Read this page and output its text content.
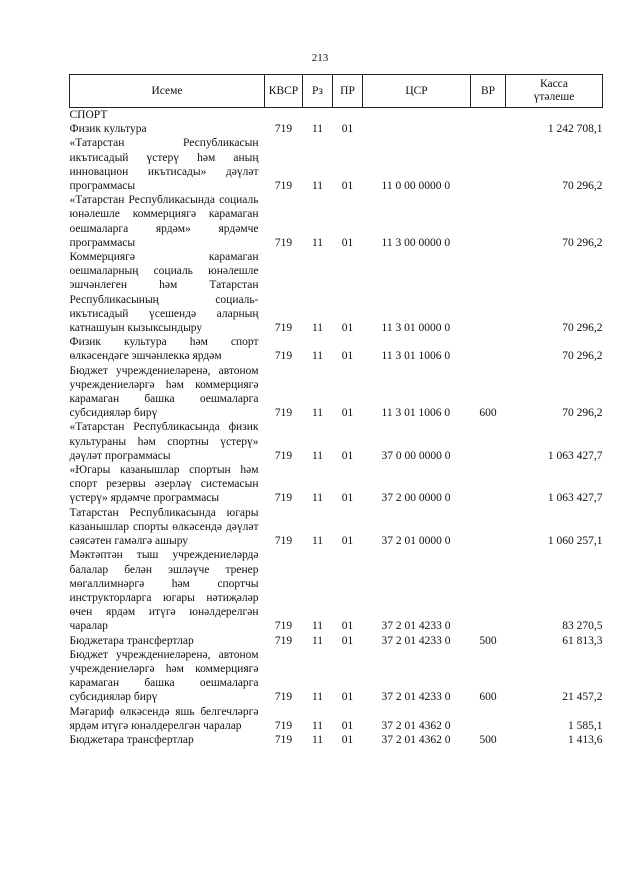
213
Исеме	КВСР	Рз	ПР	ЦСР	ВР	Касса
үтәлеше

СПОРТ						
Физик культура	719	11	01			1 242 708,1
«Татарстан Республикасын икътисадый үстерү һәм аның инновацион икътисады» дәүләт программасы	719	11	01	11 0 00 0000 0		70 296,2
«Татарстан Республикасында социаль юнәлешле коммерциягә карамаган оешмаларга ярдәм» ярдәмче программасы	719	11	01	11 3 00 0000 0		70 296,2
Коммерциягә карамаган оешмаларның социаль юнәлешле эшчәнлеген һәм Татарстан Республикасының социаль-икътисадый үсешендә аларның катнашуын кызыксындыру	719	11	01	11 3 01 0000 0		70 296,2
Физик культура һәм спорт өлкәсендәге эшчәнлеккә ярдәм	719	11	01	11 3 01 1006 0		70 296,2
Бюджет учреждениеләренә, автоном учреждениеләргә һәм коммерциягә карамаган башка оешмаларга субсидияләр бирү	719	11	01	11 3 01 1006 0	600	70 296,2
«Татарстан Республикасында физик культураны һәм спортны үстерү» дәүләт программасы	719	11	01	37 0 00 0000 0		1 063 427,7
«Югары казанышлар спортын һәм спорт резервы әзерләү системасын үстерү» ярдәмче программасы	719	11	01	37 2 00 0000 0		1 063 427,7
Татарстан Республикасында югары казанышлар спорты өлкәсендә дәүләт сәясәтен гамәлгә ашыру	719	11	01	37 2 01 0000 0		1 060 257,1
Мәктәптән тыш учреждениеләрдә балалар белән эшләүче тренер мөгаллимнәргә һәм спортчы инструкторларга югары нәтиҗәләр өчен ярдәм итүгә юнәлдерелгән чаралар	719	11	01	37 2 01 4233 0		83 270,5
Бюджетара трансфертлар	719	11	01	37 2 01 4233 0	500	61 813,3
Бюджет учреждениеләренә, автоном учреждениеләргә һәм коммерциягә карамаган башка оешмаларга субсидияләр бирү	719	11	01	37 2 01 4233 0	600	21 457,2
Мәгариф өлкәсендә яшь белгечләргә ярдәм итүгә юнәлдерелгән чаралар	719	11	01	37 2 01 4362 0		1 585,1
Бюджетара трансфертлар	719	11	01	37 2 01 4362 0	500	1 413,6
